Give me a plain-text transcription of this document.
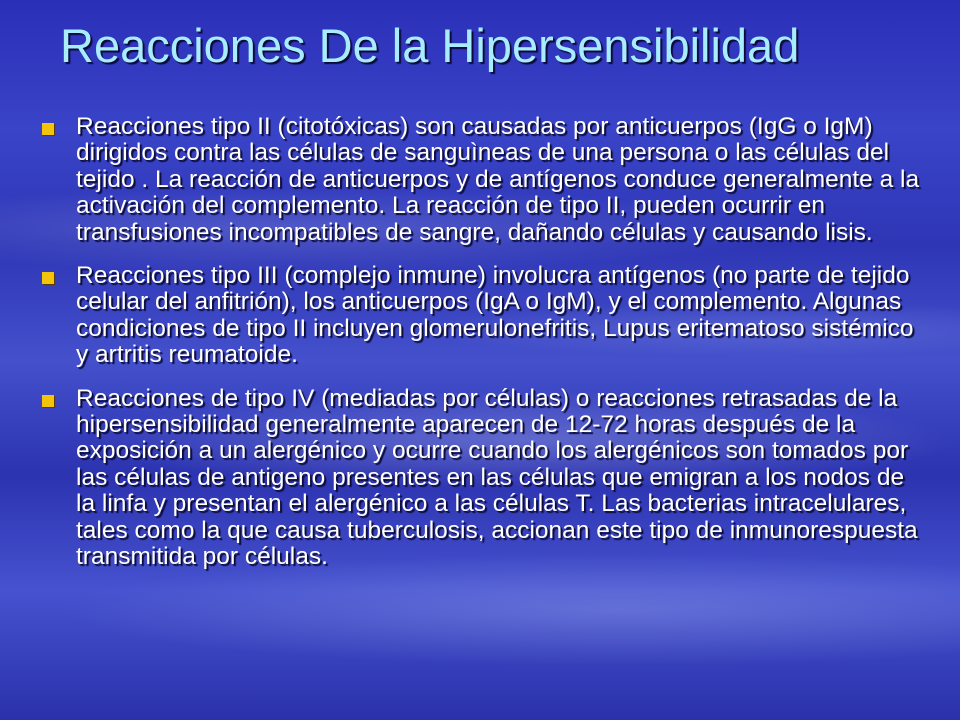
Reacciones De la Hipersensibilidad
Reacciones tipo II (citotóxicas) son causadas por anticuerpos (IgG o IgM) dirigidos contra las células de sanguìneas de una persona o las células del tejido . La reacción de anticuerpos y de antígenos conduce generalmente a la activación del complemento. La reacción de tipo II, pueden ocurrir en transfusiones incompatibles de sangre, dañando células y causando lisis.
Reacciones tipo III (complejo inmune) involucra antígenos (no parte de tejido celular del anfitrión), los anticuerpos (IgA o IgM), y el complemento. Algunas condiciones de tipo II incluyen glomerulonefritis, Lupus eritematoso sistémico y artritis reumatoide.
Reacciones de tipo IV (mediadas por células) o reacciones retrasadas de la hipersensibilidad generalmente aparecen de 12-72 horas después de la exposición a un alergénico y ocurre cuando los alergénicos son tomados por las células de antigeno presentes en las células que emigran a los nodos de la linfa y presentan el alergénico a las células T. Las bacterias intracelulares, tales como la que causa tuberculosis, accionan este tipo de inmunorespuesta transmitida por células.
